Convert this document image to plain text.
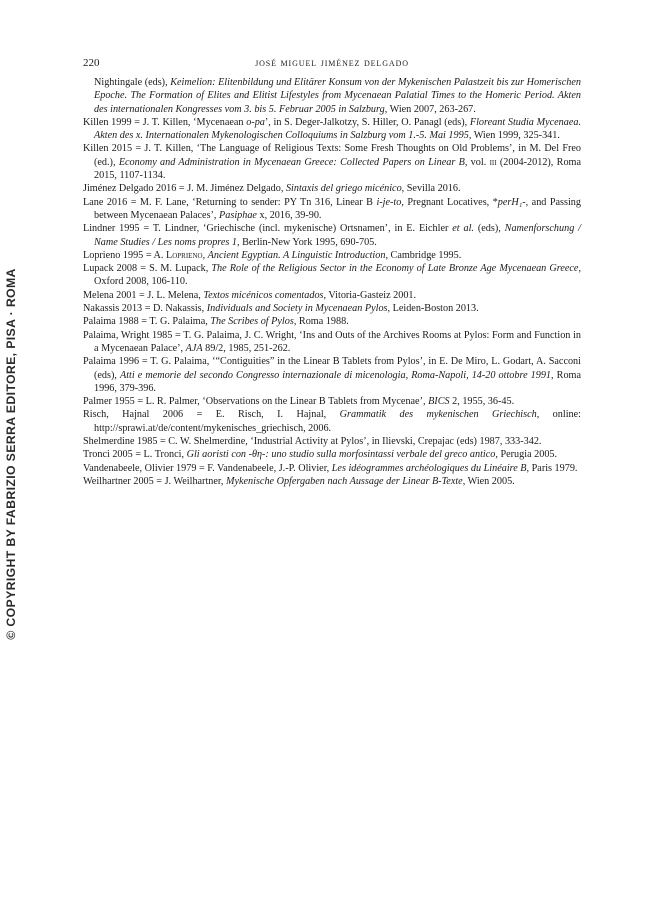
© COPYRIGHT BY FABRIZIO SERRA EDITORE, PISA · ROMA
220	josé miguel jiménez delgado

Nightingale (eds), Keimelion: Elitenbildung und Elitärer Konsum von der Mykenischen Palastzeit bis zur Homerischen Epoche. The Formation of Elites and Elitist Lifestyles from Mycenaean Palatial Times to the Homeric Period. Akten des internationalen Kongresses vom 3. bis 5. Februar 2005 in Salzburg, Wien 2007, 263-267.

Killen 1999 = J. T. Killen, ‘Mycenaean o-pa’, in S. Deger-Jalkotzy, S. Hiller, O. Panagl (eds), Floreant Studia Mycenaea. Akten des x. Internationalen Mykenologischen Colloquiums in Salzburg vom 1.-5. Mai 1995, Wien 1999, 325-341.

Killen 2015 = J. T. Killen, ‘The Language of Religious Texts: Some Fresh Thoughts on Old Problems’, in M. Del Freo (ed.), Economy and Administration in Mycenaean Greece: Collected Papers on Linear B, vol. iii (2004-2012), Roma 2015, 1107-1134.

Jiménez Delgado 2016 = J. M. Jiménez Delgado, Sintaxis del griego micénico, Sevilla 2016.

Lane 2016 = M. F. Lane, ‘Returning to sender: PY Tn 316, Linear B i-je-to, Pregnant Locatives, *perH₁-, and Passing between Mycenaean Palaces’, Pasiphae x, 2016, 39-90.

Lindner 1995 = T. Lindner, ‘Griechische (incl. mykenische) Ortsnamen’, in E. Eichler et al. (eds), Namenforschung / Name Studies / Les noms propres 1, Berlin-New York 1995, 690-705.

Loprieno 1995 = A. Loprieno, Ancient Egyptian. A Linguistic Introduction, Cambridge 1995.

Lupack 2008 = S. M. Lupack, The Role of the Religious Sector in the Economy of Late Bronze Age Mycenaean Greece, Oxford 2008, 106-110.

Melena 2001 = J. L. Melena, Textos micénicos comentados, Vitoria-Gasteiz 2001.

Nakassis 2013 = D. Nakassis, Individuals and Society in Mycenaean Pylos, Leiden-Boston 2013.

Palaima 1988 = T. G. Palaima, The Scribes of Pylos, Roma 1988.

Palaima, Wright 1985 = T. G. Palaima, J. C. Wright, ‘Ins and Outs of the Archives Rooms at Pylos: Form and Function in a Mycenaean Palace’, AJA 89/2, 1985, 251-262.

Palaima 1996 = T. G. Palaima, ‘“Contiguities” in the Linear B Tablets from Pylos’, in E. De Miro, L. Godart, A. Sacconi (eds), Atti e memorie del secondo Congresso internazionale di micenologia, Roma-Napoli, 14-20 ottobre 1991, Roma 1996, 379-396.

Palmer 1955 = L. R. Palmer, ‘Observations on the Linear B Tablets from Mycenae’, BICS 2, 1955, 36-45.

Risch, Hajnal 2006 = E. Risch, I. Hajnal, Grammatik des mykenischen Griechisch, online: http://sprawi.at/de/content/mykenisches_griechisch, 2006.

Shelmerdine 1985 = C. W. Shelmerdine, ‘Industrial Activity at Pylos’, in Ilievski, Crepajac (eds) 1987, 333-342.

Tronci 2005 = L. Tronci, Gli aoristi con -θη-: uno studio sulla morfosintassi verbale del greco antico, Perugia 2005.

Vandenabeele, Olivier 1979 = F. Vandenabeele, J.-P. Olivier, Les idéogrammes archéologiques du Linéaire B, Paris 1979.

Weilhartner 2005 = J. Weilhartner, Mykenische Opfergaben nach Aussage der Linear B-Texte, Wien 2005.
